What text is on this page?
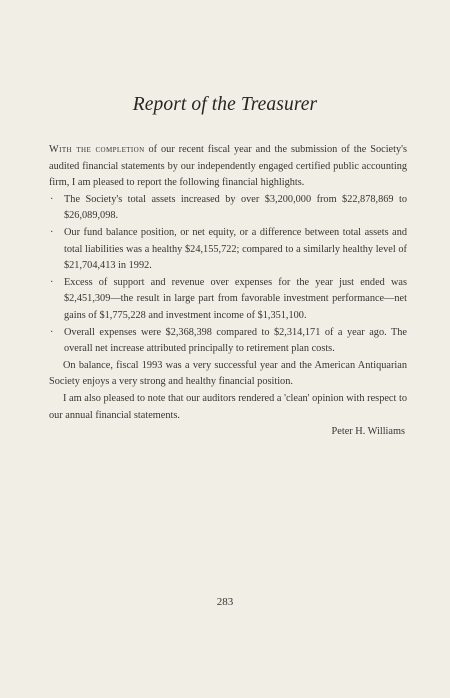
Report of the Treasurer

With the completion of our recent fiscal year and the submission of the Society's audited financial statements by our independently engaged certified public accounting firm, I am pleased to report the following financial highlights.

· The Society's total assets increased by over $3,200,000 from $22,878,869 to $26,089,098.
· Our fund balance position, or net equity, or a difference between total assets and total liabilities was a healthy $24,155,722; compared to a similarly healthy level of $21,704,413 in 1992.
· Excess of support and revenue over expenses for the year just ended was $2,451,309—the result in large part from favorable investment performance—net gains of $1,775,228 and investment income of $1,351,100.
· Overall expenses were $2,368,398 compared to $2,314,171 of a year ago. The overall net increase attributed principally to retirement plan costs.

On balance, fiscal 1993 was a very successful year and the American Antiquarian Society enjoys a very strong and healthy financial position.

I am also pleased to note that our auditors rendered a 'clean' opinion with respect to our annual financial statements.

Peter H. Williams

283
